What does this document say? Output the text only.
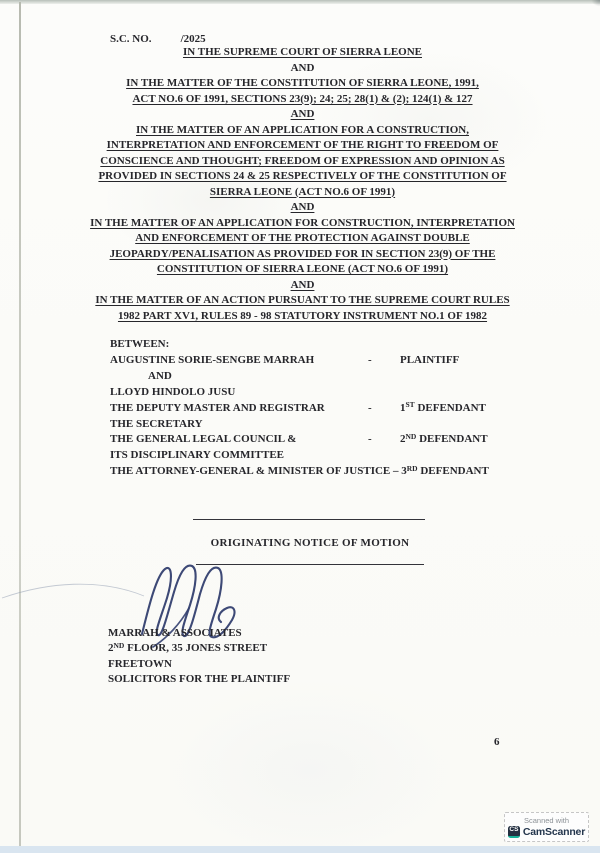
S.C. NO.	/2025
IN THE SUPREME COURT OF SIERRA LEONE
AND
IN THE MATTER OF THE CONSTITUTION OF SIERRA LEONE, 1991,
ACT NO.6 OF 1991, SECTIONS 23(9); 24; 25; 28(1) & (2); 124(1) & 127
AND
IN THE MATTER OF AN APPLICATION FOR A CONSTRUCTION,
INTERPRETATION AND ENFORCEMENT OF THE RIGHT TO FREEDOM OF
CONSCIENCE AND THOUGHT; FREEDOM OF EXPRESSION AND OPINION AS
PROVIDED IN SECTIONS 24 & 25 RESPECTIVELY OF THE CONSTITUTION OF
SIERRA LEONE (ACT NO.6 OF 1991)
AND
IN THE MATTER OF AN APPLICATION FOR CONSTRUCTION, INTERPRETATION
AND ENFORCEMENT OF THE PROTECTION AGAINST DOUBLE
JEOPARDY/PENALISATION AS PROVIDED FOR IN SECTION 23(9) OF THE
CONSTITUTION OF SIERRA LEONE (ACT NO.6 OF 1991)
AND
IN THE MATTER OF AN ACTION PURSUANT TO THE SUPREME COURT RULES
1982 PART XV1, RULES 89 - 98 STATUTORY INSTRUMENT NO.1 OF 1982
BETWEEN:
AUGUSTINE SORIE-SENGBE MARRAH	-	PLAINTIFF
AND
LLOYD HINDOLO JUSU
THE DEPUTY MASTER AND REGISTRAR	-	1ST DEFENDANT
THE SECRETARY
THE GENERAL LEGAL COUNCIL &	-	2ND DEFENDANT
ITS DISCIPLINARY COMMITTEE
THE ATTORNEY-GENERAL & MINISTER OF JUSTICE – 3RD DEFENDANT
ORIGINATING NOTICE OF MOTION
MARRAH & ASSOCIATES
2ND FLOOR, 35 JONES STREET
FREETOWN
SOLICITORS FOR THE PLAINTIFF
6
Scanned with
CS CamScanner
